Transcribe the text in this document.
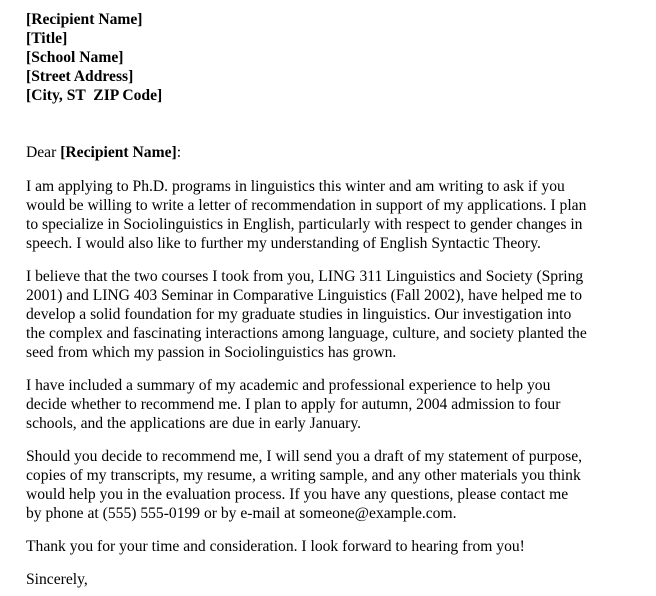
[Recipient Name]
[Title]
[School Name]
[Street Address]
[City, ST  ZIP Code]
Dear [Recipient Name]:

I am applying to Ph.D. programs in linguistics this winter and am writing to ask if you
would be willing to write a letter of recommendation in support of my applications. I plan
to specialize in Sociolinguistics in English, particularly with respect to gender changes in
speech. I would also like to further my understanding of English Syntactic Theory.

I believe that the two courses I took from you, LING 311 Linguistics and Society (Spring
2001) and LING 403 Seminar in Comparative Linguistics (Fall 2002), have helped me to
develop a solid foundation for my graduate studies in linguistics. Our investigation into
the complex and fascinating interactions among language, culture, and society planted the
seed from which my passion in Sociolinguistics has grown.

I have included a summary of my academic and professional experience to help you
decide whether to recommend me. I plan to apply for autumn, 2004 admission to four
schools, and the applications are due in early January.

Should you decide to recommend me, I will send you a draft of my statement of purpose,
copies of my transcripts, my resume, a writing sample, and any other materials you think
would help you in the evaluation process. If you have any questions, please contact me
by phone at (555) 555-0199 or by e-mail at someone@example.com.

Thank you for your time and consideration. I look forward to hearing from you!

Sincerely,
